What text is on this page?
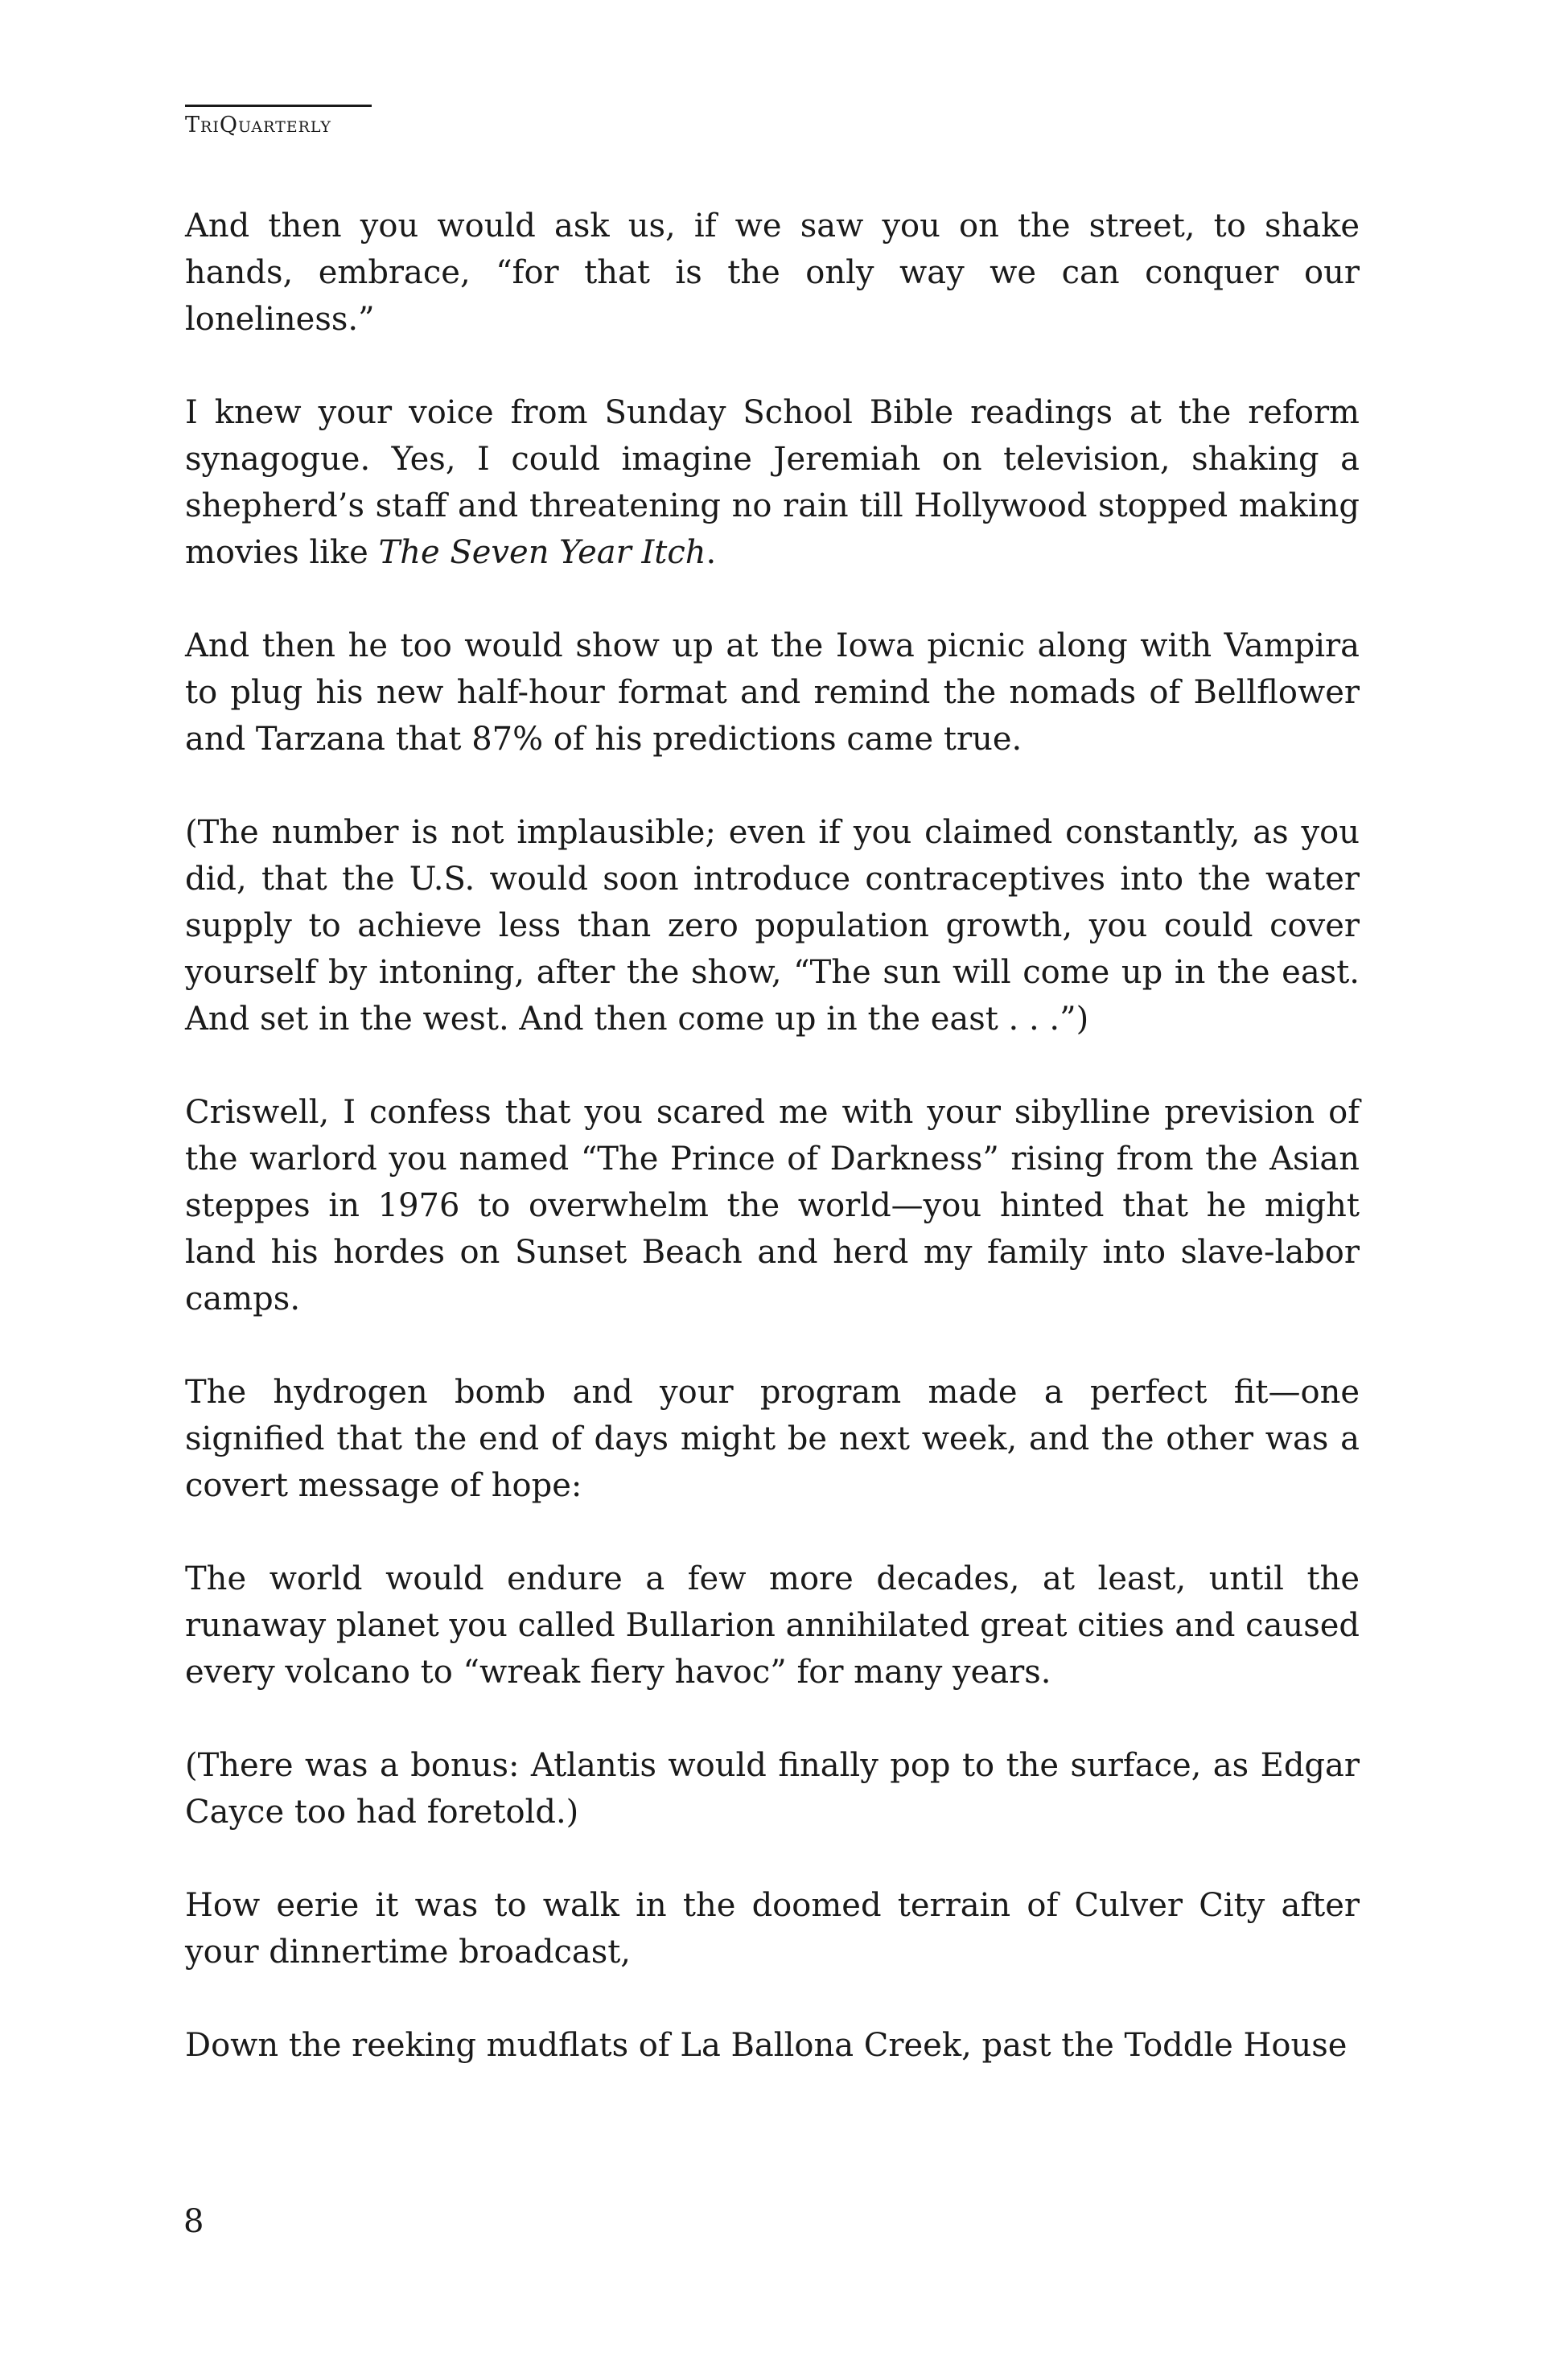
TriQuarterly

And then you would ask us, if we saw you on the street, to shake hands, embrace, “for that is the only way we can conquer our loneliness.”

I knew your voice from Sunday School Bible readings at the reform synagogue. Yes, I could imagine Jeremiah on television, shaking a shepherd’s staff and threatening no rain till Hollywood stopped making movies like The Seven Year Itch.

And then he too would show up at the Iowa picnic along with Vampira to plug his new half-hour format and remind the nomads of Bellflower and Tarzana that 87% of his predictions came true.

(The number is not implausible; even if you claimed constantly, as you did, that the U.S. would soon introduce contraceptives into the water supply to achieve less than zero population growth, you could cover yourself by intoning, after the show, “The sun will come up in the east. And set in the west. And then come up in the east . . .”)

Criswell, I confess that you scared me with your sibylline prevision of the warlord you named “The Prince of Darkness” rising from the Asian steppes in 1976 to overwhelm the world—you hinted that he might land his hordes on Sunset Beach and herd my family into slave-labor camps.

The hydrogen bomb and your program made a perfect fit—one signified that the end of days might be next week, and the other was a covert message of hope:

The world would endure a few more decades, at least, until the runaway planet you called Bullarion annihilated great cities and caused every volcano to “wreak fiery havoc” for many years.

(There was a bonus: Atlantis would finally pop to the surface, as Edgar Cayce too had foretold.)

How eerie it was to walk in the doomed terrain of Culver City after your dinnertime broadcast,

Down the reeking mudflats of La Ballona Creek, past the Toddle House

8
